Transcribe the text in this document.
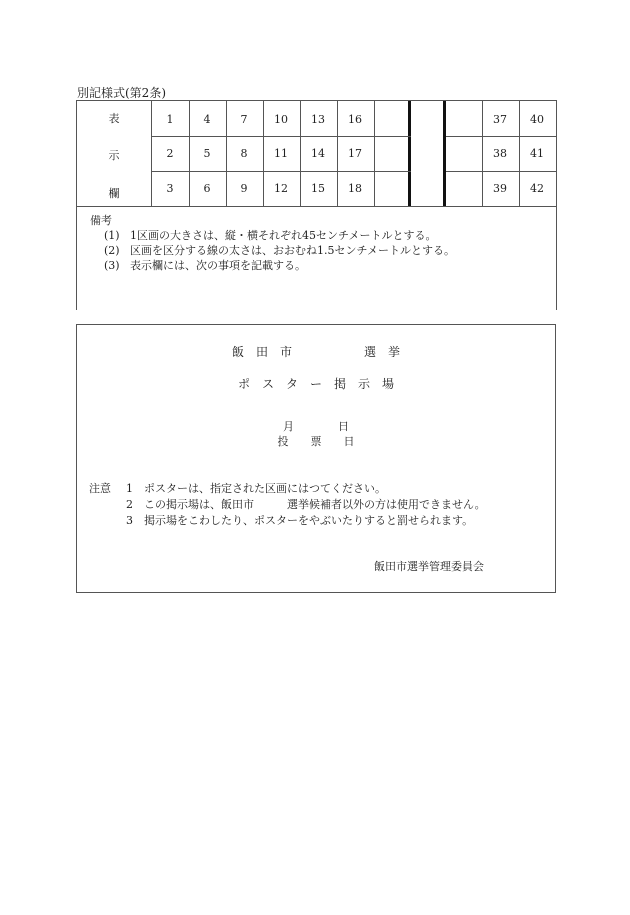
別記様式(第2条)
表
示
欄
1
2
3
4
5
6
7
8
9
10
11
12
13
14
15
16
17
18
37
38
39
40
41
42
備考
(1) 1区画の大きさは、縦・横それぞれ45センチメートルとする。
(2) 区画を区分する線の太さは、おおむね1.5センチメートルとする。
(3) 表示欄には、次の事項を記載する。
飯　田　市　　　　　　選　挙
ポ　ス　タ　ー　掲　示　場
月　　　　日
投　　票　　日
注意 1 ポスターは、指定された区画にはつてください。
2 この掲示場は、飯田市　　　選挙候補者以外の方は使用できません。
3 掲示場をこわしたり、ポスターをやぶいたりすると罰せられます。
飯田市選挙管理委員会
